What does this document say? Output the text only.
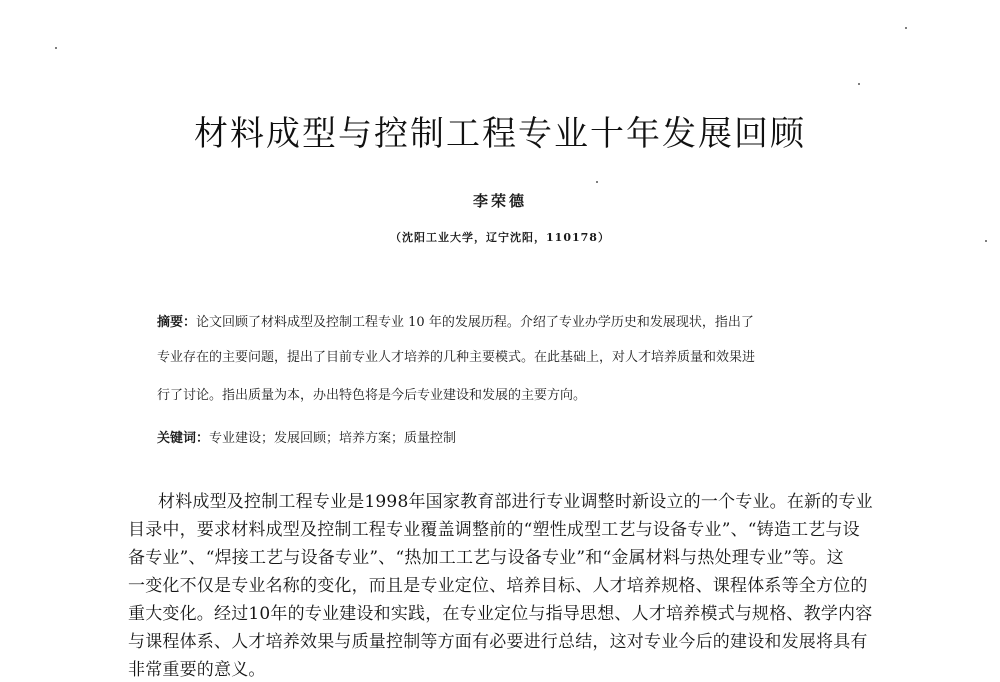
材料成型与控制工程专业十年发展回顾
李荣德
（沈阳工业大学，辽宁沈阳，110178）
摘要：论文回顾了材料成型及控制工程专业 10 年的发展历程。介绍了专业办学历史和发展现状，指出了
专业存在的主要问题，提出了目前专业人才培养的几种主要模式。在此基础上，对人才培养质量和效果进
行了讨论。指出质量为本，办出特色将是今后专业建设和发展的主要方向。
关键词：专业建设；发展回顾；培养方案；质量控制
材料成型及控制工程专业是1998年国家教育部进行专业调整时新设立的一个专业。在新的专业
目录中，要求材料成型及控制工程专业覆盖调整前的“塑性成型工艺与设备专业”、“铸造工艺与设
备专业”、“焊接工艺与设备专业”、“热加工工艺与设备专业”和“金属材料与热处理专业”等。这
一变化不仅是专业名称的变化，而且是专业定位、培养目标、人才培养规格、课程体系等全方位的
重大变化。经过10年的专业建设和实践，在专业定位与指导思想、人才培养模式与规格、教学内容
与课程体系、人才培养效果与质量控制等方面有必要进行总结，这对专业今后的建设和发展将具有
非常重要的意义。
